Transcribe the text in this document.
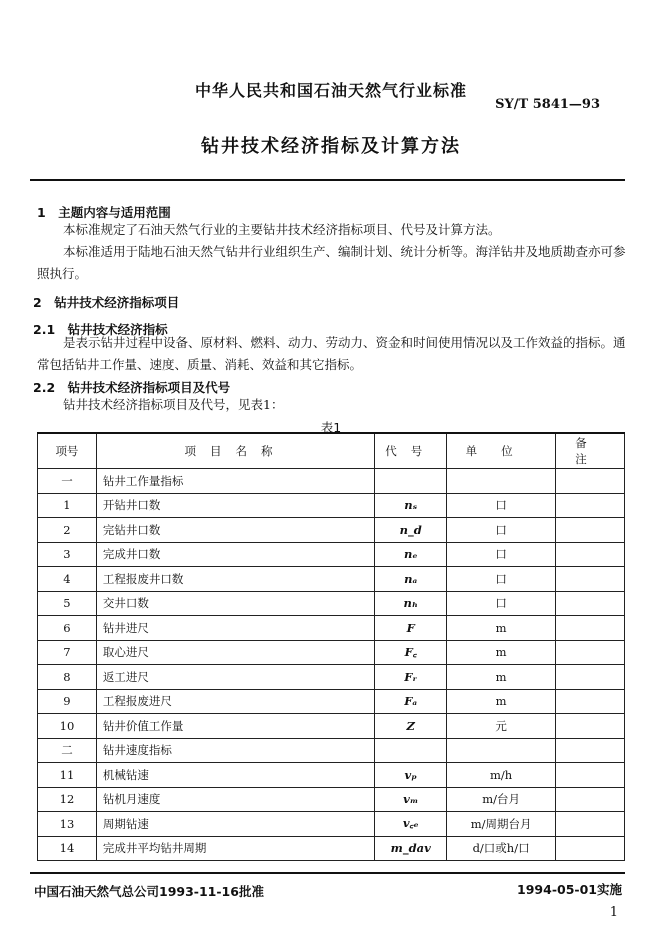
中华人民共和国石油天然气行业标准
SY/T 5841—93
钻井技术经济指标及计算方法
1　主题内容与适用范围
本标准规定了石油天然气行业的主要钻井技术经济指标项目、代号及计算方法。
本标准适用于陆地石油天然气钻井行业组织生产、编制计划、统计分析等。海洋钻井及地质勘查亦可参照执行。
2　钻井技术经济指标项目
2.1　钻井技术经济指标
是表示钻井过程中设备、原材料、燃料、动力、劳动力、资金和时间使用情况以及工作效益的指标。通常包括钻井工作量、速度、质量、消耗、效益和其它指标。
2.2　钻井技术经济指标项目及代号
钻井技术经济指标项目及代号，见表1：
表1
项号	项目名称	代号	单位	备注
一	钻井工作量指标			
1	开钻井口数	nₛ	口	
2	完钻井口数	n_d	口	
3	完成井口数	nₑ	口	
4	工程报废井口数	nₐ	口	
5	交井口数	nₕ	口	
6	钻井进尺	F	m	
7	取心进尺	F꜀	m	
8	返工进尺	Fᵣ	m	
9	工程报废进尺	Fₐ	m	
10	钻井价值工作量	Z	元	
二	钻井速度指标			
11	机械钻速	vₚ	m/h	
12	钻机月速度	vₘ	m/台月	
13	周期钻速	v꜀ₑ	m/周期台月	
14	完成井平均钻井周期	m_dav	d/口或h/口	
中国石油天然气总公司1993-11-16批准	1994-05-01实施
1
